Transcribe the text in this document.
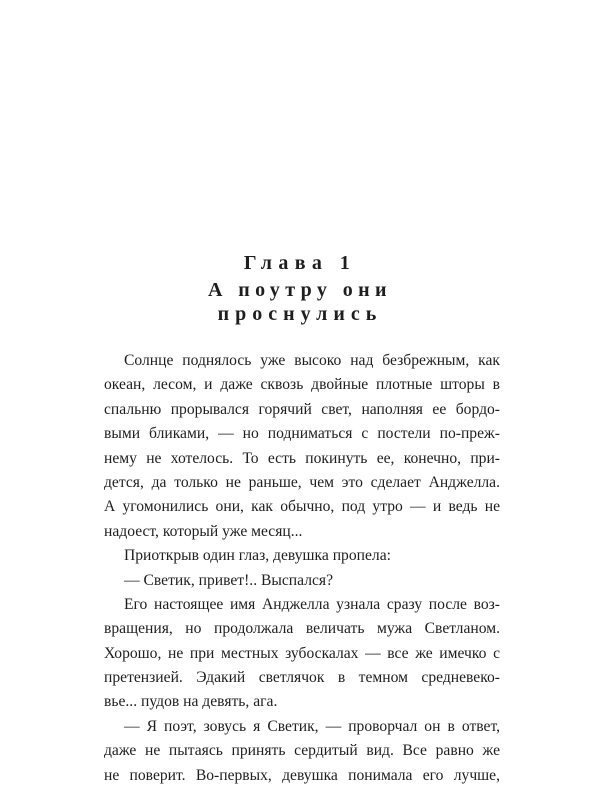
Глава 1
А поутру они
проснулись
Солнце поднялось уже высоко над безбрежным, как
океан, лесом, и даже сквозь двойные плотные шторы в
спальню прорывался горячий свет, наполняя ее бордо-
выми бликами, — но подниматься с постели по-преж-
нему не хотелось. То есть покинуть ее, конечно, при-
дется, да только не раньше, чем это сделает Анджелла.
А угомонились они, как обычно, под утро — и ведь не
надоест, который уже месяц...
Приоткрыв один глаз, девушка пропела:
— Светик, привет!.. Выспался?
Его настоящее имя Анджелла узнала сразу после воз-
вращения, но продолжала величать мужа Светланом.
Хорошо, не при местных зубоскалах — все же имечко с
претензией. Эдакий светлячок в темном средневеко-
вье... пудов на девять, ага.
— Я поэт, зовусь я Светик, — проворчал он в ответ,
даже не пытаясь принять сердитый вид. Все равно же
не поверит. Во-первых, девушка понимала его лучше,
